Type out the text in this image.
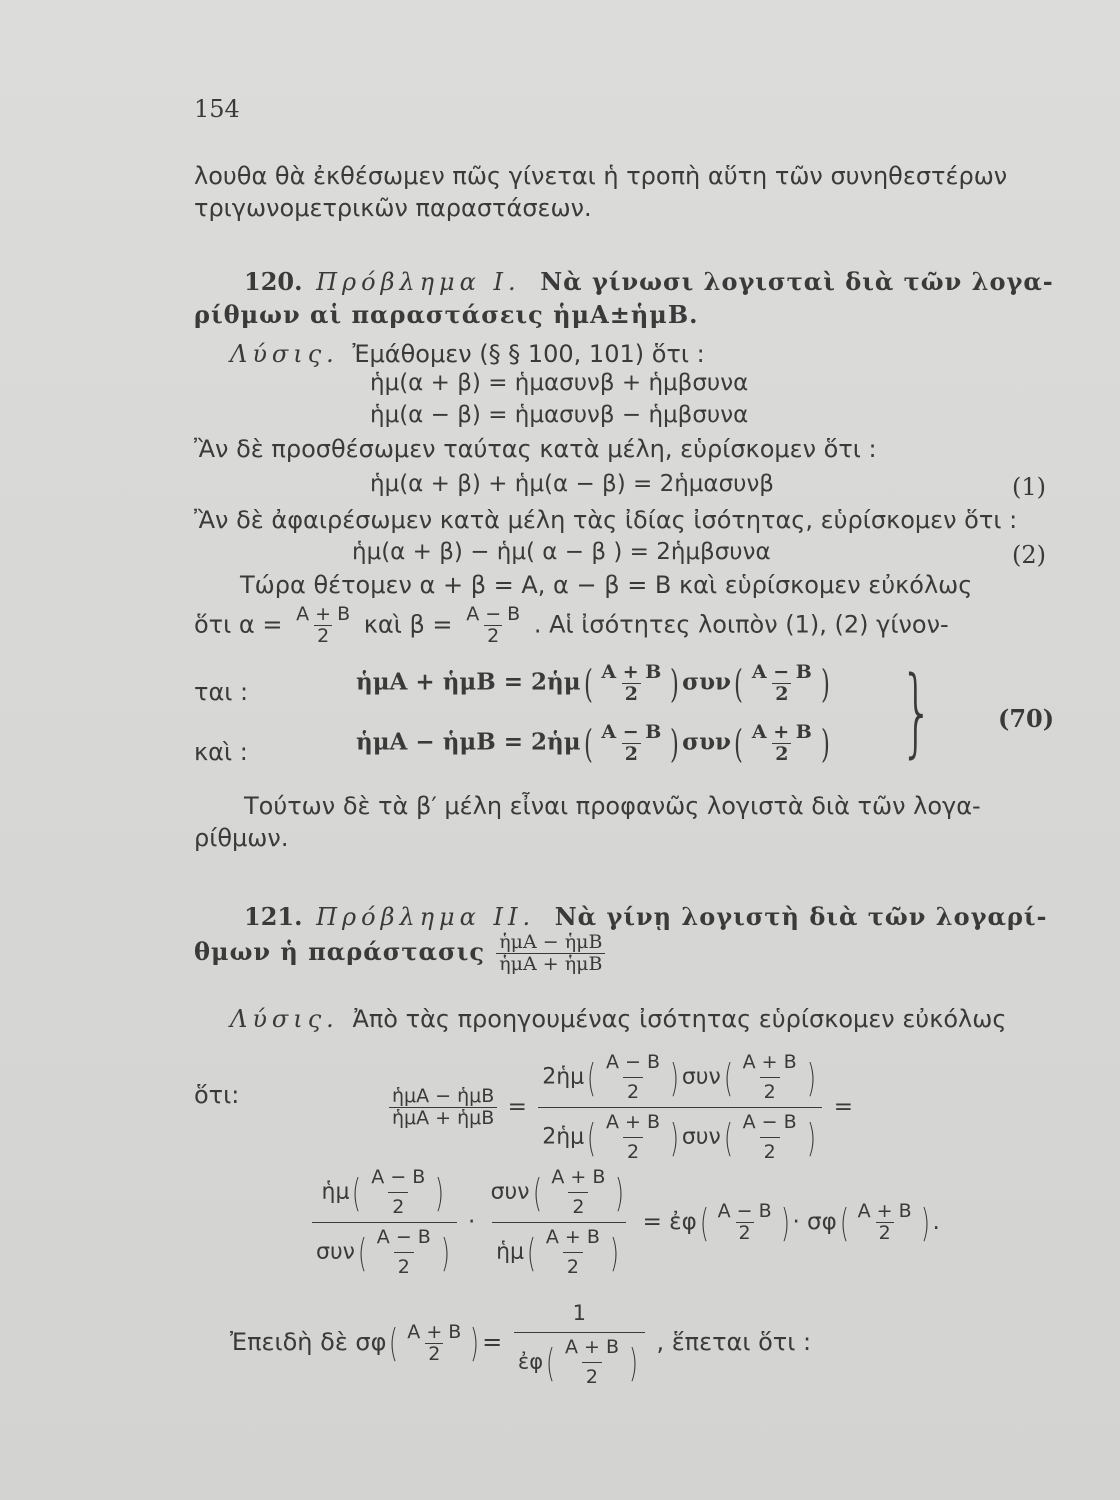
154
λουθα θὰ ἐκθέσωμεν πῶς γίνεται ἡ τροπὴ αὕτη τῶν συνηθεστέρων
τριγωνομετρικῶν παραστάσεων.
120. Πρόβλημα Ι. Νὰ γίνωσι λογισταὶ διὰ τῶν λογα-
ρίθμων αἱ παραστάσεις ἡμΑ±ἡμΒ.
Λύσις. Ἐμάθομεν (§ § 100, 101) ὅτι :
ἡμ(α + β) = ἡμασυνβ + ἡμβσυνα
ἡμ(α − β) = ἡμασυνβ − ἡμβσυνα
Ἂν δὲ προσθέσωμεν ταύτας κατὰ μέλη, εὑρίσκομεν ὅτι :
ἡμ(α + β) + ἡμ(α − β) = 2ἡμασυνβ	(1)
Ἂν δὲ ἀφαιρέσωμεν κατὰ μέλη τὰς ἰδίας ἰσότητας, εὑρίσκομεν ὅτι :
ἡμ(α + β) − ἡμ( α − β ) = 2ἡμβσυνα	(2)
Τώρα θέτομεν α + β = Α, α − β = Β καὶ εὑρίσκομεν εὐκόλως
ὅτι $\alpha = \frac{A + B}{2}$ καὶ $\beta = \frac{A - B}{2}$ . Αἱ ἰσότητες λοιπὸν (1), (2) γίνον-
ται :	ἡμΑ + ἡμΒ = 2ἡμ( $\frac{A + B}{2}$ ) $\sigma\upsilon\nu( \frac{A - B}{2}$ )
καὶ :	ἡμΑ − ἡμΒ = 2ἡμ( $\frac{A - B}{2}$ ) $\sigma\upsilon\nu( \frac{A + B}{2}$ ) }	(70)
Τούτων δὲ τὰ β′ μέλη εἶναι προφανῶς λογιστὰ διὰ τῶν λογα-
ρίθμων.
121. Πρόβλημα ΙΙ. Νὰ γίνῃ λογιστὴ διὰ τῶν λογαρί-
θμων ἡ παράστασις $\frac{\text{ἡμΑ − ἡμΒ}}{\text{ἡμΑ + ἡμΒ}}$
Λύσις. Ἀπὸ τὰς προηγουμένας ἰσότητας εὑρίσκομεν εὐκόλως
ὅτι:	$\frac{\text{ἡμΑ − ἡμΒ}}{\text{ἡμΑ + ἡμΒ}}$ =
2ἡμ( $\frac{A - B}{2}$ ) $\sigma\upsilon\nu( \frac{A + B}{2}$ )
2ἡμ( $\frac{A + B}{2}$ ) $\sigma\upsilon\nu( \frac{A - B}{2}$ )
=
ἡμ( $\frac{A - B}{2}$ )
$\sigma\upsilon\nu( \frac{A - B}{2}$ )
·
$\sigma\upsilon\nu( \frac{A + B}{2}$ )
ἡμ( $\frac{A + B}{2}$ )
= ἐφ( $\frac{A - B}{2}$ ) · $\sigma\varphi( \frac{A + B}{2}$ ) .
Ἐπειδὴ δὲ $\sigma\varphi( \frac{A + B}{2}$ ) = $\frac{1}{ἐ\varphi( \frac{A + B}{2} )}$ , ἕπεται ὅτι :
